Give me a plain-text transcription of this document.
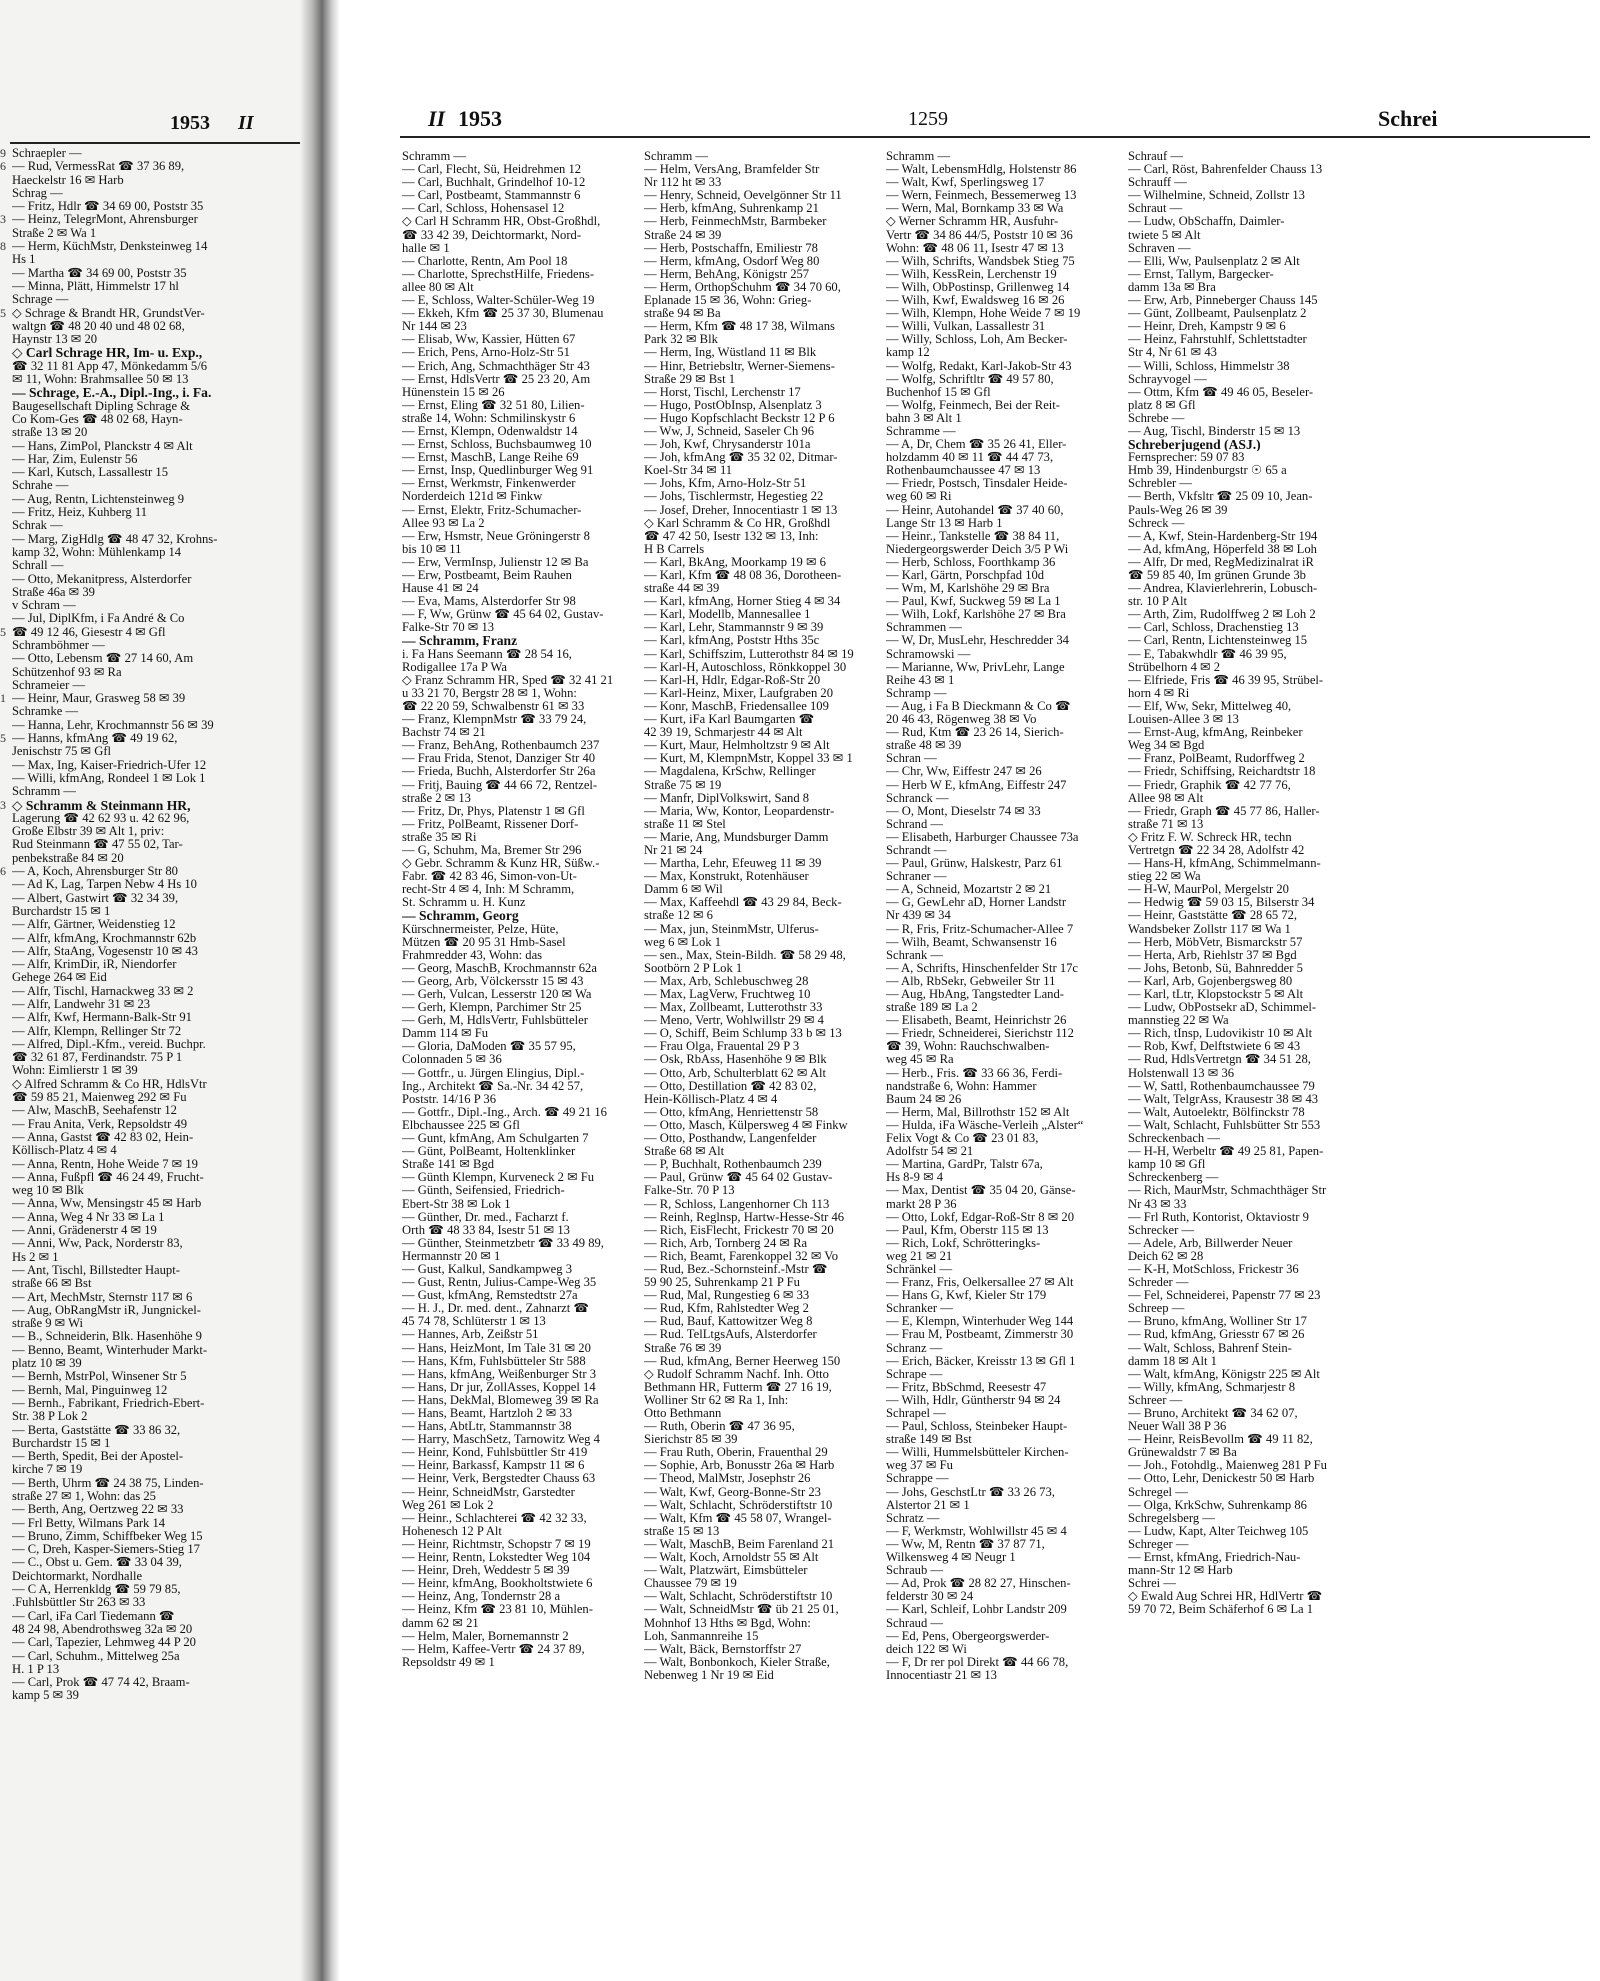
1953 II
9
6
3
8
5
5
1
5
3
6
Schraepler —
— Rud, VermessRat ☎ 37 36 89,
Haeckelstr 16 ✉ Harb
Schrag —
— Fritz, Hdlr ☎ 34 69 00, Poststr 35
— Heinz, TelegrMont, Ahrensburger
Straße 2 ✉ Wa 1
— Herm, KüchMstr, Denksteinweg 14
Hs 1
— Martha ☎ 34 69 00, Poststr 35
— Minna, Plätt, Himmelstr 17 hl
Schrage —
◇ Schrage & Brandt HR, GrundstVer-
waltgn ☎ 48 20 40 und 48 02 68,
Haynstr 13 ✉ 20
◇ Carl Schrage HR, Im- u. Exp.,
☎ 32 11 81 App 47, Mönkedamm 5/6
✉ 11, Wohn: Brahmsallee 50 ✉ 13
— Schrage, E.-A., Dipl.-Ing., i. Fa.
Baugesellschaft Dipling Schrage &
Co Kom-Ges ☎ 48 02 68, Hayn-
straße 13 ✉ 20
— Hans, ZimPol, Planckstr 4 ✉ Alt
— Har, Zim, Eulenstr 56
— Karl, Kutsch, Lassallestr 15
Schrahe —
— Aug, Rentn, Lichtensteinweg 9
— Fritz, Heiz, Kuhberg 11
Schrak —
— Marg, ZigHdlg ☎ 48 47 32, Krohns-
kamp 32, Wohn: Mühlenkamp 14
Schrall —
— Otto, Mekanitpress, Alsterdorfer
Straße 46a ✉ 39
v Schram —
— Jul, DiplKfm, i Fa André & Co
☎ 49 12 46, Giesestr 4 ✉ Gfl
Schramböhmer —
— Otto, Lebensm ☎ 27 14 60, Am
Schützenhof 93 ✉ Ra
Schrameier —
— Heinr, Maur, Grasweg 58 ✉ 39
Schramke —
— Hanna, Lehr, Krochmannstr 56 ✉ 39
— Hanns, kfmAng ☎ 49 19 62,
Jenischstr 75 ✉ Gfl
— Max, Ing, Kaiser-Friedrich-Ufer 12
— Willi, kfmAng, Rondeel 1 ✉ Lok 1
Schramm —
◇ Schramm & Steinmann HR,
Lagerung ☎ 42 62 93 u. 42 62 96,
Große Elbstr 39 ✉ Alt 1, priv:
Rud Steinmann ☎ 47 55 02, Tar-
penbekstraße 84 ✉ 20
— A, Koch, Ahrensburger Str 80
— Ad K, Lag, Tarpen Nebw 4 Hs 10
— Albert, Gastwirt ☎ 32 34 39,
Burchardstr 15 ✉ 1
— Alfr, Gärtner, Weidenstieg 12
— Alfr, kfmAng, Krochmannstr 62b
— Alfr, StaAng, Vogesenstr 10 ✉ 43
— Alfr, KrimDir, iR, Niendorfer
Gehege 264 ✉ Eid
— Alfr, Tischl, Harnackweg 33 ✉ 2
— Alfr, Landwehr 31 ✉ 23
— Alfr, Kwf, Hermann-Balk-Str 91
— Alfr, Klempn, Rellinger Str 72
— Alfred, Dipl.-Kfm., vereid. Buchpr.
☎ 32 61 87, Ferdinandstr. 75 P 1
Wohn: Eimlierstr 1 ✉ 39
◇ Alfred Schramm & Co HR, HdlsVtr
☎ 59 85 21, Maienweg 292 ✉ Fu
— Alw, MaschB, Seehafenstr 12
— Frau Anita, Verk, Repsoldstr 49
— Anna, Gastst ☎ 42 83 02, Hein-
Köllisch-Platz 4 ✉ 4
— Anna, Rentn, Hohe Weide 7 ✉ 19
— Anna, Fußpfl ☎ 46 24 49, Frucht-
weg 10 ✉ Blk
— Anna, Ww, Mensingstr 45 ✉ Harb
— Anna, Weg 4 Nr 33 ✉ La 1
— Anni, Grädenerstr 4 ✉ 19
— Anni, Ww, Pack, Norderstr 83,
Hs 2 ✉ 1
— Ant, Tischl, Billstedter Haupt-
straße 66 ✉ Bst
— Art, MechMstr, Sternstr 117 ✉ 6
— Aug, ObRangMstr iR, Jungnickel-
straße 9 ✉ Wi
— B., Schneiderin, Blk. Hasenhöhe 9
— Benno, Beamt, Winterhuder Markt-
platz 10 ✉ 39
— Bernh, MstrPol, Winsener Str 5
— Bernh, Mal, Pinguinweg 12
— Bernh., Fabrikant, Friedrich-Ebert-
Str. 38 P Lok 2
— Berta, Gaststätte ☎ 33 86 32,
Burchardstr 15 ✉ 1
— Berth, Spedit, Bei der Apostel-
kirche 7 ✉ 19
— Berth, Uhrm ☎ 24 38 75, Linden-
straße 27 ✉ 1, Wohn: das 25
— Berth, Ang, Oertzweg 22 ✉ 33
— Frl Betty, Wilmans Park 14
— Bruno, Zimm, Schiffbeker Weg 15
— C, Dreh, Kasper-Siemers-Stieg 17
— C., Obst u. Gem. ☎ 33 04 39,
Deichtormarkt, Nordhalle
— C A, Herrenkldg ☎ 59 79 85,
.Fuhlsbüttler Str 263 ✉ 33
— Carl, iFa Carl Tiedemann ☎
48 24 98, Abendrothsweg 32a ✉ 20
— Carl, Tapezier, Lehmweg 44 P 20
— Carl, Schuhm., Mittelweg 25a
H. 1 P 13
— Carl, Prok ☎ 47 74 42, Braam-
kamp 5 ✉ 39
II 1953	1259	Schrei
Schramm —
— Carl, Flecht, Sü, Heidrehmen 12
— Carl, Buchhalt, Grindelhof 10-12
— Carl, Postbeamt, Stammannstr 6
— Carl, Schloss, Hohensasel 12
◇ Carl H Schramm HR, Obst-Großhdl,
☎ 33 42 39, Deichtormarkt, Nord-
halle ✉ 1
— Charlotte, Rentn, Am Pool 18
— Charlotte, SprechstHilfe, Friedens-
allee 80 ✉ Alt
— E, Schloss, Walter-Schüler-Weg 19
— Ekkeh, Kfm ☎ 25 37 30, Blumenau
Nr 144 ✉ 23
— Elisab, Ww, Kassier, Hütten 67
— Erich, Pens, Arno-Holz-Str 51
— Erich, Ang, Schmachthäger Str 43
— Ernst, HdlsVertr ☎ 25 23 20, Am
Hünenstein 15 ✉ 26
— Ernst, Eling ☎ 32 51 80, Lilien-
straße 14, Wohn: Schmilinskystr 6
— Ernst, Klempn, Odenwaldstr 14
— Ernst, Schloss, Buchsbaumweg 10
— Ernst, MaschB, Lange Reihe 69
— Ernst, Insp, Quedlinburger Weg 91
— Ernst, Werkmstr, Finkenwerder
Norderdeich 121d ✉ Finkw
— Ernst, Elektr, Fritz-Schumacher-
Allee 93 ✉ La 2
— Erw, Hsmstr, Neue Gröningerstr 8
bis 10 ✉ 11
— Erw, VermInsp, Julienstr 12 ✉ Ba
— Erw, Postbeamt, Beim Rauhen
Hause 41 ✉ 24
— Eva, Mams, Alsterdorfer Str 98
— F, Ww, Grünw ☎ 45 64 02, Gustav-
Falke-Str 70 ✉ 13
— Schramm, Franz
i. Fa Hans Seemann ☎ 28 54 16,
Rodigallee 17a P Wa
◇ Franz Schramm HR, Sped ☎ 32 41 21
u 33 21 70, Bergstr 28 ✉ 1, Wohn:
☎ 22 20 59, Schwalbenstr 61 ✉ 33
— Franz, KlempnMstr ☎ 33 79 24,
Bachstr 74 ✉ 21
— Franz, BehAng, Rothenbaumch 237
— Frau Frida, Stenot, Danziger Str 40
— Frieda, Buchh, Alsterdorfer Str 26a
— Fritj, Bauing ☎ 44 66 72, Rentzel-
straße 2 ✉ 13
— Fritz, Dr, Phys, Platenstr 1 ✉ Gfl
— Fritz, PolBeamt, Rissener Dorf-
straße 35 ✉ Ri
— G, Schuhm, Ma, Bremer Str 296
◇ Gebr. Schramm & Kunz HR, Süßw.-
Fabr. ☎ 42 83 46, Simon-von-Ut-
recht-Str 4 ✉ 4, Inh: M Schramm,
St. Schramm u. H. Kunz
— Schramm, Georg
Kürschnermeister, Pelze, Hüte,
Mützen ☎ 20 95 31 Hmb-Sasel
Frahmredder 43, Wohn: das
— Georg, MaschB, Krochmannstr 62a
— Georg, Arb, Völckersstr 15 ✉ 43
— Gerh, Vulcan, Lesserstr 120 ✉ Wa
— Gerh, Klempn, Parchimer Str 25
— Gerh, M, HdlsVertr, Fuhlsbütteler
Damm 114 ✉ Fu
— Gloria, DaModen ☎ 35 57 95,
Colonnaden 5 ✉ 36
— Gottfr., u. Jürgen Elingius, Dipl.-
Ing., Architekt ☎ Sa.-Nr. 34 42 57,
Poststr. 14/16 P 36
— Gottfr., Dipl.-Ing., Arch. ☎ 49 21 16
Elbchaussee 225 ✉ Gfl
— Gunt, kfmAng, Am Schulgarten 7
— Günt, PolBeamt, Holtenklinker
Straße 141 ✉ Bgd
— Günth Klempn, Kurveneck 2 ✉ Fu
— Günth, Seifensied, Friedrich-
Ebert-Str 38 ✉ Lok 1
— Günther, Dr. med., Facharzt f.
Orth ☎ 48 33 84, Isestr 51 ✉ 13
— Günther, Steinmetzbetr ☎ 33 49 89,
Hermannstr 20 ✉ 1
— Gust, Kalkul, Sandkampweg 3
— Gust, Rentn, Julius-Campe-Weg 35
— Gust, kfmAng, Remstedtstr 27a
— H. J., Dr. med. dent., Zahnarzt ☎
45 74 78, Schlüterstr 1 ✉ 13
— Hannes, Arb, Zeißstr 51
— Hans, HeizMont, Im Tale 31 ✉ 20
— Hans, Kfm, Fuhlsbütteler Str 588
— Hans, kfmAng, Weißenburger Str 3
— Hans, Dr jur, ZollAsses, Koppel 14
— Hans, DekMal, Blomeweg 39 ✉ Ra
— Hans, Beamt, Hartzloh 2 ✉ 33
— Hans, AbtLtr, Stammannstr 38
— Harry, MaschSetz, Tarnowitz Weg 4
— Heinr, Kond, Fuhlsbüttler Str 419
— Heinr, Barkassf, Kampstr 11 ✉ 6
— Heinr, Verk, Bergstedter Chauss 63
— Heinr, SchneidMstr, Garstedter
Weg 261 ✉ Lok 2
— Heinr., Schlachterei ☎ 42 32 33,
Hohenesch 12 P Alt
— Heinr, Richtmstr, Schopstr 7 ✉ 19
— Heinr, Rentn, Lokstedter Weg 104
— Heinr, Dreh, Weddestr 5 ✉ 39
— Heinr, kfmAng, Bookholtstwiete 6
— Heinz, Ang, Tondernstr 28 a
— Heinz, Kfm ☎ 23 81 10, Mühlen-
damm 62 ✉ 21
— Helm, Maler, Bornemannstr 2
— Helm, Kaffee-Vertr ☎ 24 37 89,
Repsoldstr 49 ✉ 1
Schramm —
— Helm, VersAng, Bramfelder Str
Nr 112 ht ✉ 33
— Henry, Schneid, Oevelgönner Str 11
— Herb, kfmAng, Suhrenkamp 21
— Herb, FeinmechMstr, Barmbeker
Straße 24 ✉ 39
— Herb, Postschaffn, Emiliestr 78
— Herm, kfmAng, Osdorf Weg 80
— Herm, BehAng, Königstr 257
— Herm, OrthopSchuhm ☎ 34 70 60,
Eplanade 15 ✉ 36, Wohn: Grieg-
straße 94 ✉ Ba
— Herm, Kfm ☎ 48 17 38, Wilmans
Park 32 ✉ Blk
— Herm, Ing, Wüstland 11 ✉ Blk
— Hinr, Betriebsltr, Werner-Siemens-
Straße 29 ✉ Bst 1
— Horst, Tischl, Lerchenstr 17
— Hugo, PostObInsp, Alsenplatz 3
— Hugo Kopfschlacht Beckstr 12 P 6
— Ww, J, Schneid, Saseler Ch 96
— Joh, Kwf, Chrysanderstr 101a
— Joh, kfmAng ☎ 35 32 02, Ditmar-
Koel-Str 34 ✉ 11
— Johs, Kfm, Arno-Holz-Str 51
— Johs, Tischlermstr, Hegestieg 22
— Josef, Dreher, Innocentiastr 1 ✉ 13
◇ Karl Schramm & Co HR, Großhdl
☎ 47 42 50, Isestr 132 ✉ 13, Inh:
H B Carrels
— Karl, BkAng, Moorkamp 19 ✉ 6
— Karl, Kfm ☎ 48 08 36, Dorotheen-
straße 44 ✉ 39
— Karl, kfmAng, Horner Stieg 4 ✉ 34
— Karl, Modellb, Mannesallee 1
— Karl, Lehr, Stammannstr 9 ✉ 39
— Karl, kfmAng, Poststr Hths 35c
— Karl, Schiffszim, Lutterothstr 84 ✉ 19
— Karl-H, Autoschloss, Rönkkoppel 30
— Karl-H, Hdlr, Edgar-Roß-Str 20
— Karl-Heinz, Mixer, Laufgraben 20
— Konr, MaschB, Friedensallee 109
— Kurt, iFa Karl Baumgarten ☎
42 39 19, Schmarjestr 44 ✉ Alt
— Kurt, Maur, Helmholtzstr 9 ✉ Alt
— Kurt, M, KlempnMstr, Koppel 33 ✉ 1
— Magdalena, KrSchw, Rellinger
Straße 75 ✉ 19
— Manfr, DiplVolkswirt, Sand 8
— Maria, Ww, Kontor, Leopardenstr-
straße 11 ✉ Stel
— Marie, Ang, Mundsburger Damm
Nr 21 ✉ 24
— Martha, Lehr, Efeuweg 11 ✉ 39
— Max, Konstrukt, Rotenhäuser
Damm 6 ✉ Wil
— Max, Kaffeehdl ☎ 43 29 84, Beck-
straße 12 ✉ 6
— Max, jun, SteinmMstr, Ulferus-
weg 6 ✉ Lok 1
— sen., Max, Stein-Bildh. ☎ 58 29 48,
Sootbörn 2 P Lok 1
— Max, Arb, Schlebuschweg 28
— Max, LagVerw, Fruchtweg 10
— Max, Zollbeamt, Lutterothstr 33
— Meno, Vertr, Wohlwillstr 29 ✉ 4
— O, Schiff, Beim Schlump 33 b ✉ 13
— Frau Olga, Frauental 29 P 3
— Osk, RbAss, Hasenhöhe 9 ✉ Blk
— Otto, Arb, Schulterblatt 62 ✉ Alt
— Otto, Destillation ☎ 42 83 02,
Hein-Köllisch-Platz 4 ✉ 4
— Otto, kfmAng, Henriettenstr 58
— Otto, Masch, Külpersweg 4 ✉ Finkw
— Otto, Posthandw, Langenfelder
Straße 68 ✉ Alt
— P, Buchhalt, Rothenbaumch 239
— Paul, Grünw ☎ 45 64 02 Gustav-
Falke-Str. 70 P 13
— R, Schloss, Langenhorner Ch 113
— Reinh, Reglnsp, Hartw-Hesse-Str 46
— Rich, EisFlecht, Frickestr 70 ✉ 20
— Rich, Arb, Tornberg 24 ✉ Ra
— Rich, Beamt, Farenkoppel 32 ✉ Vo
— Rud, Bez.-Schornsteinf.-Mstr ☎
59 90 25, Suhrenkamp 21 P Fu
— Rud, Mal, Rungestieg 6 ✉ 33
— Rud, Kfm, Rahlstedter Weg 2
— Rud, Bauf, Kattowitzer Weg 8
— Rud. TelLtgsAufs, Alsterdorfer
Straße 76 ✉ 39
— Rud, kfmAng, Berner Heerweg 150
◇ Rudolf Schramm Nachf. Inh. Otto
Bethmann HR, Futterm ☎ 27 16 19,
Wolliner Str 62 ✉ Ra 1, Inh:
Otto Bethmann
— Ruth, Oberin ☎ 47 36 95,
Sierichstr 85 ✉ 39
— Frau Ruth, Oberin, Frauenthal 29
— Sophie, Arb, Bonusstr 26a ✉ Harb
— Theod, MalMstr, Josephstr 26
— Walt, Kwf, Georg-Bonne-Str 23
— Walt, Schlacht, Schröderstiftstr 10
— Walt, Kfm ☎ 45 58 07, Wrangel-
straße 15 ✉ 13
— Walt, MaschB, Beim Farenland 21
— Walt, Koch, Arnoldstr 55 ✉ Alt
— Walt, Platzwärt, Eimsbütteler
Chaussee 79 ✉ 19
— Walt, Schlacht, Schröderstiftstr 10
— Walt, SchneidMstr ☎ üb 21 25 01,
Mohnhof 13 Hths ✉ Bgd, Wohn:
Loh, Sanmannreihe 15
— Walt, Bäck, Bernstorffstr 27
— Walt, Bonbonkoch, Kieler Straße,
Nebenweg 1 Nr 19 ✉ Eid
Schramm —
— Walt, LebensmHdlg, Holstenstr 86
— Walt, Kwf, Sperlingsweg 17
— Wern, Feinmech, Bessemerweg 13
— Wern, Mal, Bornkamp 33 ✉ Wa
◇ Werner Schramm HR, Ausfuhr-
Vertr ☎ 34 86 44/5, Poststr 10 ✉ 36
Wohn: ☎ 48 06 11, Isestr 47 ✉ 13
— Wilh, Schrifts, Wandsbek Stieg 75
— Wilh, KessRein, Lerchenstr 19
— Wilh, ObPostinsp, Grillenweg 14
— Wilh, Kwf, Ewaldsweg 16 ✉ 26
— Wilh, Klempn, Hohe Weide 7 ✉ 19
— Willi, Vulkan, Lassallestr 31
— Willy, Schloss, Loh, Am Becker-
kamp 12
— Wolfg, Redakt, Karl-Jakob-Str 43
— Wolfg, Schriftltr ☎ 49 57 80,
Buchenhof 15 ✉ Gfl
— Wolfg, Feinmech, Bei der Reit-
bahn 3 ✉ Alt 1
Schramme —
— A, Dr, Chem ☎ 35 26 41, Eller-
holzdamm 40 ✉ 11 ☎ 44 47 73,
Rothenbaumchaussee 47 ✉ 13
— Friedr, Postsch, Tinsdaler Heide-
weg 60 ✉ Ri
— Heinr, Autohandel ☎ 37 40 60,
Lange Str 13 ✉ Harb 1
— Heinr., Tankstelle ☎ 38 84 11,
Niedergeorgswerder Deich 3/5 P Wi
— Herb, Schloss, Foorthkamp 36
— Karl, Gärtn, Porschpfad 10d
— Wm, M, Karlshöhe 29 ✉ Bra
— Paul, Kwf, Suckweg 59 ✉ La 1
— Wilh, Lokf, Karlshöhe 27 ✉ Bra
Schrammen —
— W, Dr, MusLehr, Heschredder 34
Schramowski —
— Marianne, Ww, PrivLehr, Lange
Reihe 43 ✉ 1
Schramp —
— Aug, i Fa B Dieckmann & Co ☎
20 46 43, Rögenweg 38 ✉ Vo
— Rud, Ktm ☎ 23 26 14, Sierich-
straße 48 ✉ 39
Schran —
— Chr, Ww, Eiffestr 247 ✉ 26
— Herb W E, kfmAng, Eiffestr 247
Schranck —
— O, Mont, Dieselstr 74 ✉ 33
Schrand —
— Elisabeth, Harburger Chaussee 73a
Schrandt —
— Paul, Grünw, Halskestr, Parz 61
Schraner —
— A, Schneid, Mozartstr 2 ✉ 21
— G, GewLehr aD, Horner Landstr
Nr 439 ✉ 34
— R, Fris, Fritz-Schumacher-Allee 7
— Wilh, Beamt, Schwansenstr 16
Schrank —
— A, Schrifts, Hinschenfelder Str 17c
— Alb, RbSekr, Gebweiler Str 11
— Aug, HbAng, Tangstedter Land-
straße 189 ✉ La 2
— Elisabeth, Beamt, Heinrichstr 26
— Friedr, Schneiderei, Sierichstr 112
☎ 39, Wohn: Rauchschwalben-
weg 45 ✉ Ra
— Herb., Fris. ☎ 33 66 36, Ferdi-
nandstraße 6, Wohn: Hammer
Baum 24 ✉ 26
— Herm, Mal, Billrothstr 152 ✉ Alt
— Hulda, iFa Wäsche-Verleih „Alster“
Felix Vogt & Co ☎ 23 01 83,
Adolfstr 54 ✉ 21
— Martina, GardPr, Talstr 67a,
Hs 8-9 ✉ 4
— Max, Dentist ☎ 35 04 20, Gänse-
markt 28 P 36
— Otto, Lokf, Edgar-Roß-Str 8 ✉ 20
— Paul, Kfm, Oberstr 115 ✉ 13
— Rich, Lokf, Schrötteringks-
weg 21 ✉ 21
Schränkel —
— Franz, Fris, Oelkersallee 27 ✉ Alt
— Hans G, Kwf, Kieler Str 179
Schranker —
— E, Klempn, Winterhuder Weg 144
— Frau M, Postbeamt, Zimmerstr 30
Schranz —
— Erich, Bäcker, Kreisstr 13 ✉ Gfl 1
Schrape —
— Fritz, BbSchmd, Reesestr 47
— Wilh, Hdlr, Güntherstr 94 ✉ 24
Schrapel —
— Paul, Schloss, Steinbeker Haupt-
straße 149 ✉ Bst
— Willi, Hummelsbütteler Kirchen-
weg 37 ✉ Fu
Schrappe —
— Johs, GeschstLtr ☎ 33 26 73,
Alstertor 21 ✉ 1
Schratz —
— F, Werkmstr, Wohlwillstr 45 ✉ 4
— Ww, M, Rentn ☎ 37 87 71,
Wilkensweg 4 ✉ Neugr 1
Schraub —
— Ad, Prok ☎ 28 82 27, Hinschen-
felderstr 30 ✉ 24
— Karl, Schleif, Lohbr Landstr 209
Schraud —
— Ed, Pens, Obergeorgswerder-
deich 122 ✉ Wi
— F, Dr rer pol Direkt ☎ 44 66 78,
Innocentiastr 21 ✉ 13
Schrauf —
— Carl, Röst, Bahrenfelder Chauss 13
Schrauff —
— Wilhelmine, Schneid, Zollstr 13
Schraut —
— Ludw, ObSchaffn, Daimler-
twiete 5 ✉ Alt
Schraven —
— Elli, Ww, Paulsenplatz 2 ✉ Alt
— Ernst, Tallym, Bargecker-
damm 13a ✉ Bra
— Erw, Arb, Pinneberger Chauss 145
— Günt, Zollbeamt, Paulsenplatz 2
— Heinr, Dreh, Kampstr 9 ✉ 6
— Heinz, Fahrstuhlf, Schlettstadter
Str 4, Nr 61 ✉ 43
— Willi, Schloss, Himmelstr 38
Schrayvogel —
— Ottm, Kfm ☎ 49 46 05, Beseler-
platz 8 ✉ Gfl
Schrebe —
— Aug, Tischl, Binderstr 15 ✉ 13
Schreberjugend (ASJ.)
Fernsprecher: 59 07 83
Hmb 39, Hindenburgstr ☉ 65 a
Schrebler —
— Berth, Vkfsltr ☎ 25 09 10, Jean-
Pauls-Weg 26 ✉ 39
Schreck —
— A, Kwf, Stein-Hardenberg-Str 194
— Ad, kfmAng, Höperfeld 38 ✉ Loh
— Alfr, Dr med, RegMedizinalrat iR
☎ 59 85 40, Im grünen Grunde 3b
— Andrea, Klavierlehrerin, Lobusch-
str. 10 P Alt
— Arth, Zim, Rudolffweg 2 ✉ Loh 2
— Carl, Schloss, Drachenstieg 13
— Carl, Rentn, Lichtensteinweg 15
— E, Tabakwhdlr ☎ 46 39 95,
Strübelhorn 4 ✉ 2
— Elfriede, Fris ☎ 46 39 95, Strübel-
horn 4 ✉ Ri
— Elf, Ww, Sekr, Mittelweg 40,
Louisen-Allee 3 ✉ 13
— Ernst-Aug, kfmAng, Reinbeker
Weg 34 ✉ Bgd
— Franz, PolBeamt, Rudorffweg 2
— Friedr, Schiffsing, Reichardtstr 18
— Friedr, Graphik ☎ 42 77 76,
Allee 98 ✉ Alt
— Friedr, Graph ☎ 45 77 86, Haller-
straße 71 ✉ 13
◇ Fritz F. W. Schreck HR, techn
Vertretgn ☎ 22 34 28, Adolfstr 42
— Hans-H, kfmAng, Schimmelmann-
stieg 22 ✉ Wa
— H-W, MaurPol, Mergelstr 20
— Hedwig ☎ 59 03 15, Bilserstr 34
— Heinr, Gaststätte ☎ 28 65 72,
Wandsbeker Zollstr 117 ✉ Wa 1
— Herb, MöbVetr, Bismarckstr 57
— Herta, Arb, Riehlstr 37 ✉ Bgd
— Johs, Betonb, Sü, Bahnredder 5
— Karl, Arb, Gojenbergsweg 80
— Karl, tLtr, Klopstockstr 5 ✉ Alt
— Ludw, ObPostsekr aD, Schimmel-
mannstieg 22 ✉ Wa
— Rich, tInsp, Ludovikistr 10 ✉ Alt
— Rob, Kwf, Delftstwiete 6 ✉ 43
— Rud, HdlsVertretgn ☎ 34 51 28,
Holstenwall 13 ✉ 36
— W, Sattl, Rothenbaumchaussee 79
— Walt, TelgrAss, Krausestr 38 ✉ 43
— Walt, Autoelektr, Bölfinckstr 78
— Walt, Schlacht, Fuhlsbütter Str 553
Schreckenbach —
— H-H, Werbeltr ☎ 49 25 81, Papen-
kamp 10 ✉ Gfl
Schreckenberg —
— Rich, MaurMstr, Schmachthäger Str
Nr 43 ✉ 33
— Frl Ruth, Kontorist, Oktaviostr 9
Schrecker —
— Adele, Arb, Billwerder Neuer
Deich 62 ✉ 28
— K-H, MotSchloss, Frickestr 36
Schreder —
— Fel, Schneiderei, Papenstr 77 ✉ 23
Schreep —
— Bruno, kfmAng, Wolliner Str 17
— Rud, kfmAng, Griesstr 67 ✉ 26
— Walt, Schloss, Bahrenf Stein-
damm 18 ✉ Alt 1
— Walt, kfmAng, Königstr 225 ✉ Alt
— Willy, kfmAng, Schmarjestr 8
Schreer —
— Bruno, Architekt ☎ 34 62 07,
Neuer Wall 38 P 36
— Heinr, ReisBevollm ☎ 49 11 82,
Grünewaldstr 7 ✉ Ba
— Joh., Fotohdlg., Maienweg 281 P Fu
— Otto, Lehr, Denickestr 50 ✉ Harb
Schregel —
— Olga, KrkSchw, Suhrenkamp 86
Schregelsberg —
— Ludw, Kapt, Alter Teichweg 105
Schreger —
— Ernst, kfmAng, Friedrich-Nau-
mann-Str 12 ✉ Harb
Schrei —
◇ Ewald Aug Schrei HR, HdlVertr ☎
59 70 72, Beim Schäferhof 6 ✉ La 1
